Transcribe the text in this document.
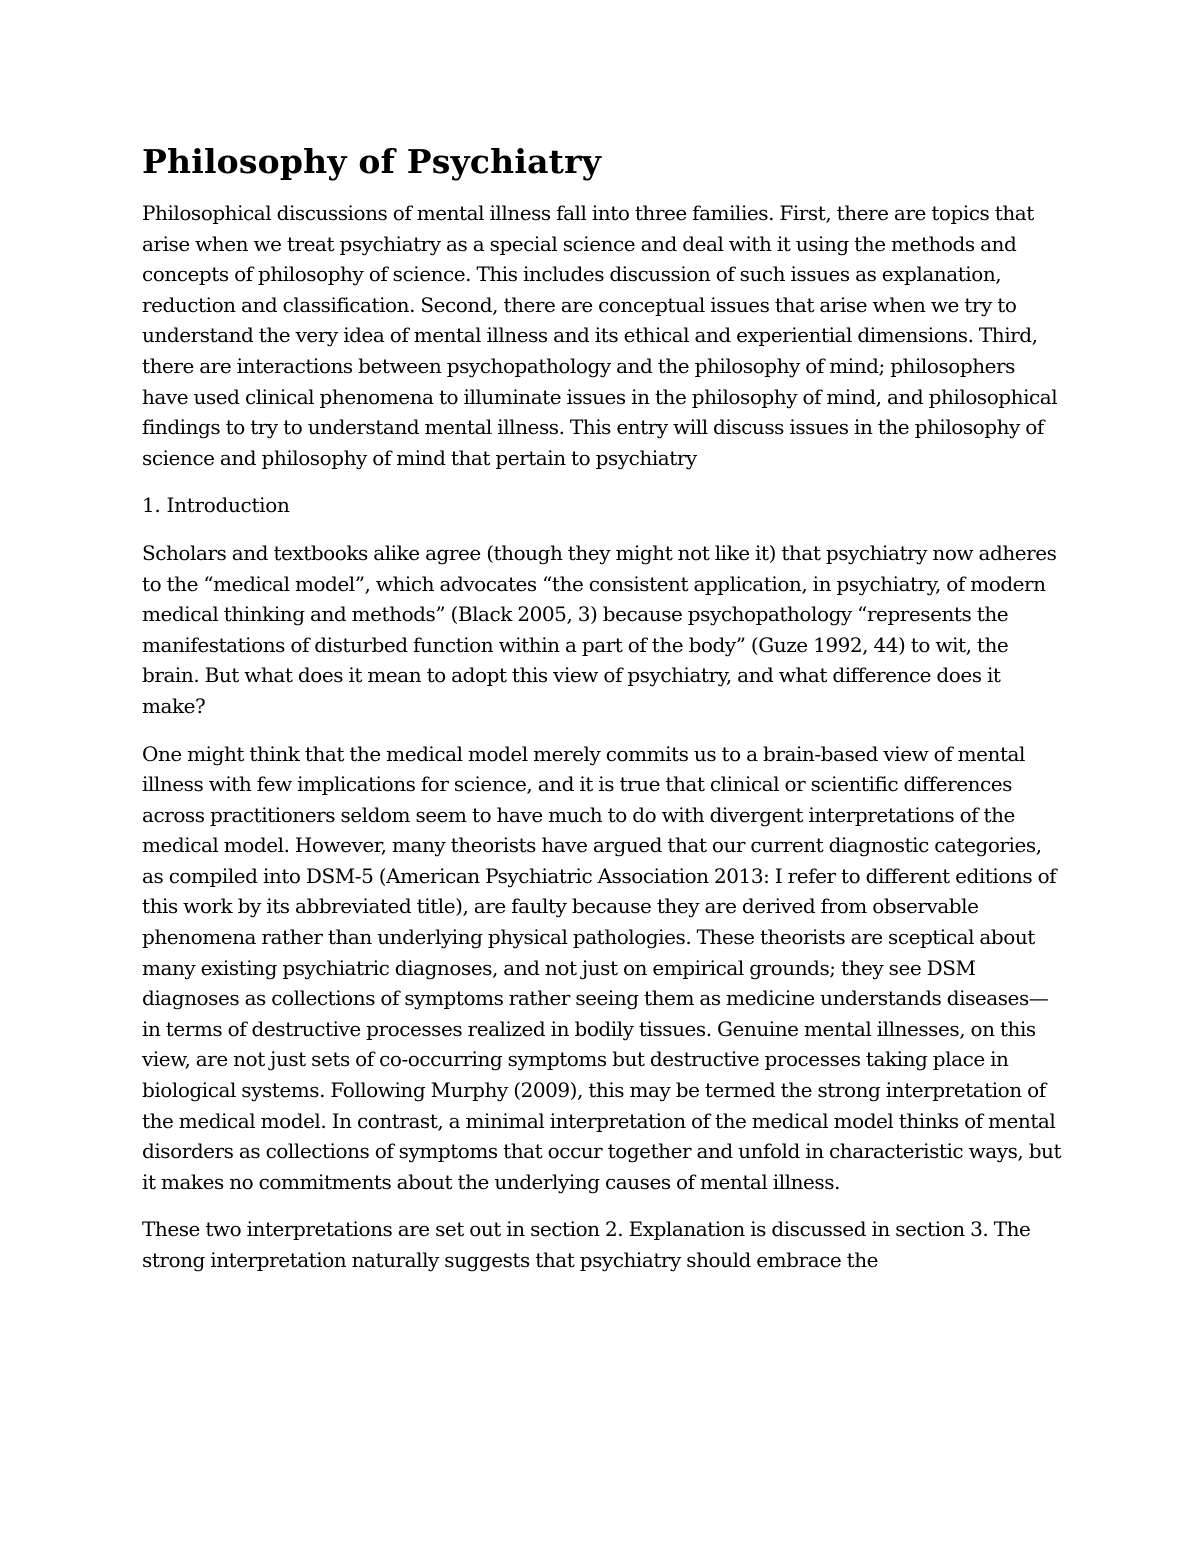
Philosophy of Psychiatry

Philosophical discussions of mental illness fall into three families. First, there are topics that arise when we treat psychiatry as a special science and deal with it using the methods and concepts of philosophy of science. This includes discussion of such issues as explanation, reduction and classification. Second, there are conceptual issues that arise when we try to understand the very idea of mental illness and its ethical and experiential dimensions. Third, there are interactions between psychopathology and the philosophy of mind; philosophers have used clinical phenomena to illuminate issues in the philosophy of mind, and philosophical findings to try to understand mental illness. This entry will discuss issues in the philosophy of science and philosophy of mind that pertain to psychiatry

1. Introduction

Scholars and textbooks alike agree (though they might not like it) that psychiatry now adheres to the “medical model”, which advocates “the consistent application, in psychiatry, of modern medical thinking and methods” (Black 2005, 3) because psychopathology “represents the manifestations of disturbed function within a part of the body” (Guze 1992, 44) to wit, the brain. But what does it mean to adopt this view of psychiatry, and what difference does it make?

One might think that the medical model merely commits us to a brain-based view of mental illness with few implications for science, and it is true that clinical or scientific differences across practitioners seldom seem to have much to do with divergent interpretations of the medical model. However, many theorists have argued that our current diagnostic categories, as compiled into DSM-5 (American Psychiatric Association 2013: I refer to different editions of this work by its abbreviated title), are faulty because they are derived from observable phenomena rather than underlying physical pathologies. These theorists are sceptical about many existing psychiatric diagnoses, and not just on empirical grounds; they see DSM diagnoses as collections of symptoms rather seeing them as medicine understands diseases—in terms of destructive processes realized in bodily tissues. Genuine mental illnesses, on this view, are not just sets of co-occurring symptoms but destructive processes taking place in biological systems. Following Murphy (2009), this may be termed the strong interpretation of the medical model. In contrast, a minimal interpretation of the medical model thinks of mental disorders as collections of symptoms that occur together and unfold in characteristic ways, but it makes no commitments about the underlying causes of mental illness.

These two interpretations are set out in section 2. Explanation is discussed in section 3. The strong interpretation naturally suggests that psychiatry should embrace the
